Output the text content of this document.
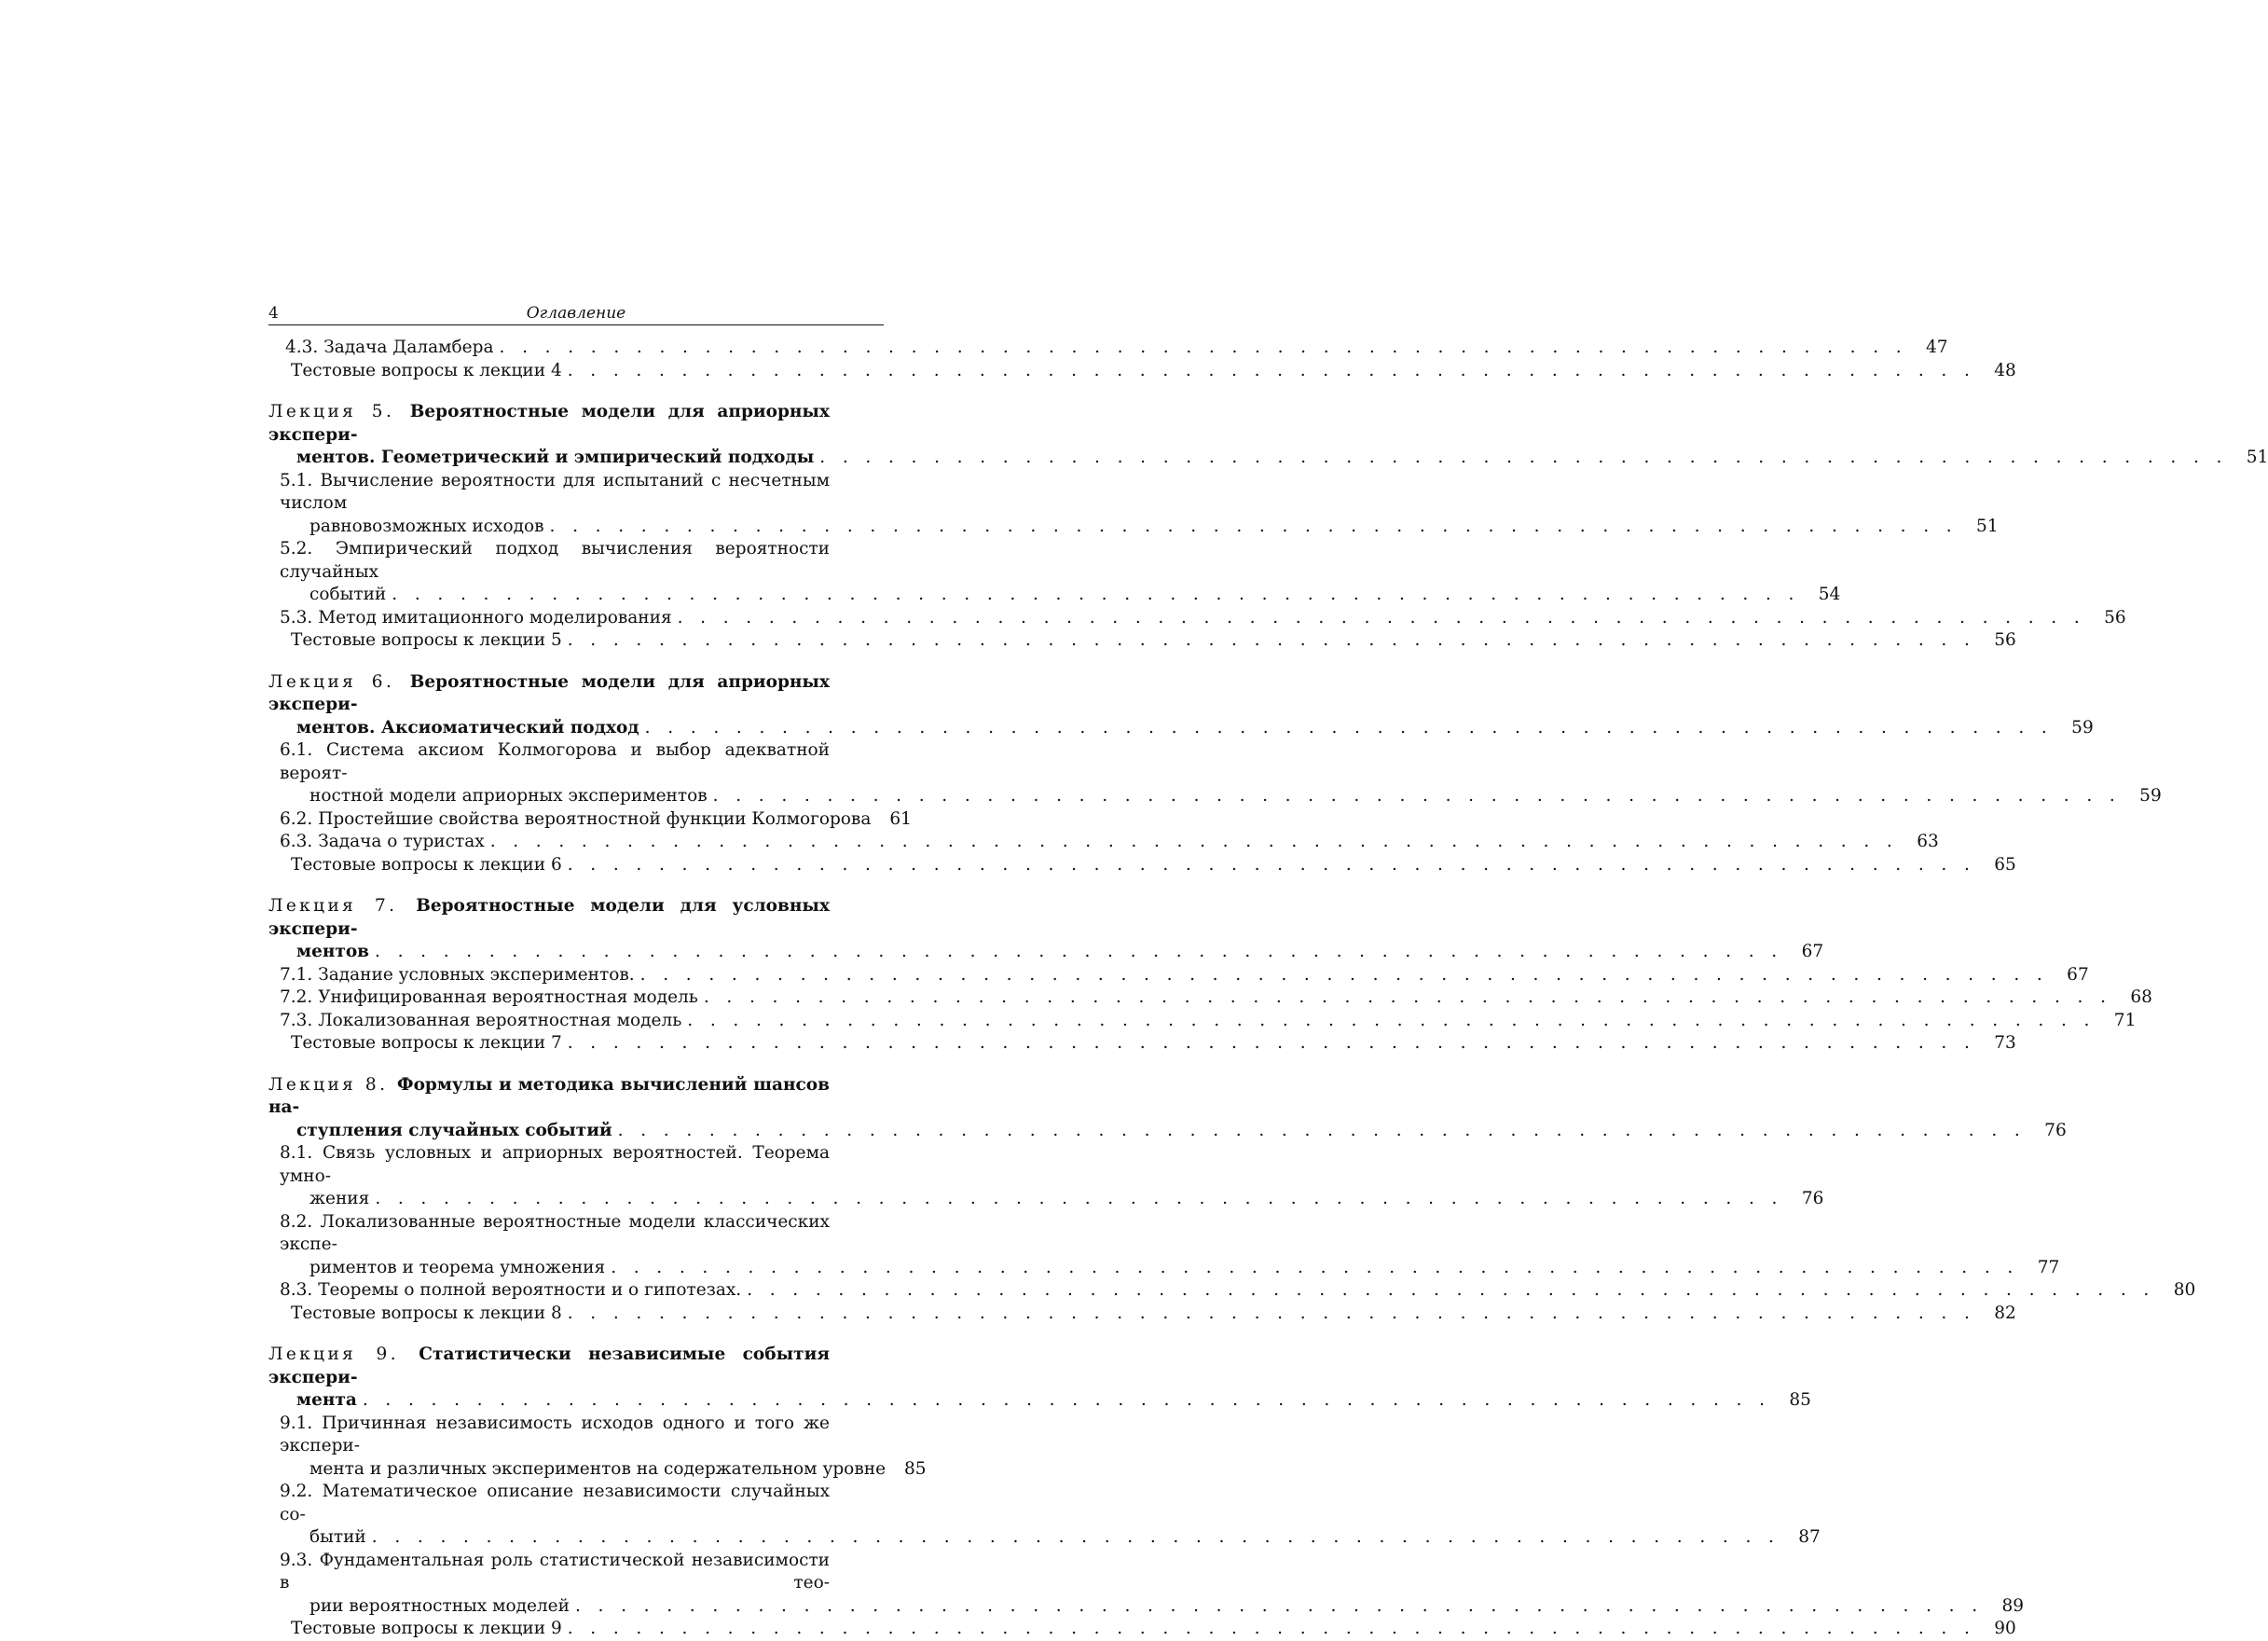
4	Оглавление
4.3. Задача Даламбера . . . . . . . . . . . . . . . . . . . . . . . . . . . . . . . . . . . . . . . . . . . . . . . . . . . . . . . . . . . . . .	47
Тестовые вопросы к лекции 4 . . . . . . . . . . . . . . . . . . . . . . . . . . . . . . . . . . . . . . . . . . . . . . . . . . . . . . . . . . . . . .	48
Лекция 5. Вероятностные модели для априорных экспери-
ментов. Геометрический и эмпирический подходы . . . . . . . . . . . . . . . . . . . . . . . . . . . . . . . . . . . . . . . . . . . . . . . . . . . . . . . . . . . . . .	51
5.1. Вычисление вероятности для испытаний с несчетным числом
равновозможных исходов . . . . . . . . . . . . . . . . . . . . . . . . . . . . . . . . . . . . . . . . . . . . . . . . . . . . . . . . . . . . . .	51
5.2. Эмпирический подход вычисления вероятности случайных
событий . . . . . . . . . . . . . . . . . . . . . . . . . . . . . . . . . . . . . . . . . . . . . . . . . . . . . . . . . . . . . .	54
5.3. Метод имитационного моделирования . . . . . . . . . . . . . . . . . . . . . . . . . . . . . . . . . . . . . . . . . . . . . . . . . . . . . . . . . . . . . .	56
Тестовые вопросы к лекции 5 . . . . . . . . . . . . . . . . . . . . . . . . . . . . . . . . . . . . . . . . . . . . . . . . . . . . . . . . . . . . . .	56
Лекция 6. Вероятностные модели для априорных экспери-
ментов. Аксиоматический подход . . . . . . . . . . . . . . . . . . . . . . . . . . . . . . . . . . . . . . . . . . . . . . . . . . . . . . . . . . . . . .	59
6.1. Система аксиом Колмогорова и выбор адекватной вероят-
ностной модели априорных экспериментов . . . . . . . . . . . . . . . . . . . . . . . . . . . . . . . . . . . . . . . . . . . . . . . . . . . . . . . . . . . . . .	59
6.2. Простейшие свойства вероятностной функции Колмогорова	61
6.3. Задача о туристах . . . . . . . . . . . . . . . . . . . . . . . . . . . . . . . . . . . . . . . . . . . . . . . . . . . . . . . . . . . . . .	63
Тестовые вопросы к лекции 6 . . . . . . . . . . . . . . . . . . . . . . . . . . . . . . . . . . . . . . . . . . . . . . . . . . . . . . . . . . . . . .	65
Лекция 7. Вероятностные модели для условных экспери-
ментов . . . . . . . . . . . . . . . . . . . . . . . . . . . . . . . . . . . . . . . . . . . . . . . . . . . . . . . . . . . . . .	67
7.1. Задание условных экспериментов. . . . . . . . . . . . . . . . . . . . . . . . . . . . . . . . . . . . . . . . . . . . . . . . . . . . . . . . . . . . . . .	67
7.2. Унифицированная вероятностная модель . . . . . . . . . . . . . . . . . . . . . . . . . . . . . . . . . . . . . . . . . . . . . . . . . . . . . . . . . . . . . .	68
7.3. Локализованная вероятностная модель . . . . . . . . . . . . . . . . . . . . . . . . . . . . . . . . . . . . . . . . . . . . . . . . . . . . . . . . . . . . . .	71
Тестовые вопросы к лекции 7 . . . . . . . . . . . . . . . . . . . . . . . . . . . . . . . . . . . . . . . . . . . . . . . . . . . . . . . . . . . . . .	73
Лекция 8. Формулы и методика вычислений шансов на-
ступления случайных событий . . . . . . . . . . . . . . . . . . . . . . . . . . . . . . . . . . . . . . . . . . . . . . . . . . . . . . . . . . . . . .	76
8.1. Связь условных и априорных вероятностей. Теорема умно-
жения . . . . . . . . . . . . . . . . . . . . . . . . . . . . . . . . . . . . . . . . . . . . . . . . . . . . . . . . . . . . . .	76
8.2. Локализованные вероятностные модели классических экспе-
риментов и теорема умножения . . . . . . . . . . . . . . . . . . . . . . . . . . . . . . . . . . . . . . . . . . . . . . . . . . . . . . . . . . . . . .	77
8.3. Теоремы о полной вероятности и о гипотезах. . . . . . . . . . . . . . . . . . . . . . . . . . . . . . . . . . . . . . . . . . . . . . . . . . . . . . . . . . . . . . .	80
Тестовые вопросы к лекции 8 . . . . . . . . . . . . . . . . . . . . . . . . . . . . . . . . . . . . . . . . . . . . . . . . . . . . . . . . . . . . . .	82
Лекция 9. Статистически независимые события экспери-
мента . . . . . . . . . . . . . . . . . . . . . . . . . . . . . . . . . . . . . . . . . . . . . . . . . . . . . . . . . . . . . .	85
9.1. Причинная независимость исходов одного и того же экспери-
мента и различных экспериментов на содержательном уровне	85
9.2. Математическое описание независимости случайных со-
бытий . . . . . . . . . . . . . . . . . . . . . . . . . . . . . . . . . . . . . . . . . . . . . . . . . . . . . . . . . . . . . .	87
9.3. Фундаментальная роль статистической независимости в тео-
рии вероятностных моделей . . . . . . . . . . . . . . . . . . . . . . . . . . . . . . . . . . . . . . . . . . . . . . . . . . . . . . . . . . . . . .	89
Тестовые вопросы к лекции 9 . . . . . . . . . . . . . . . . . . . . . . . . . . . . . . . . . . . . . . . . . . . . . . . . . . . . . . . . . . . . . .	90
